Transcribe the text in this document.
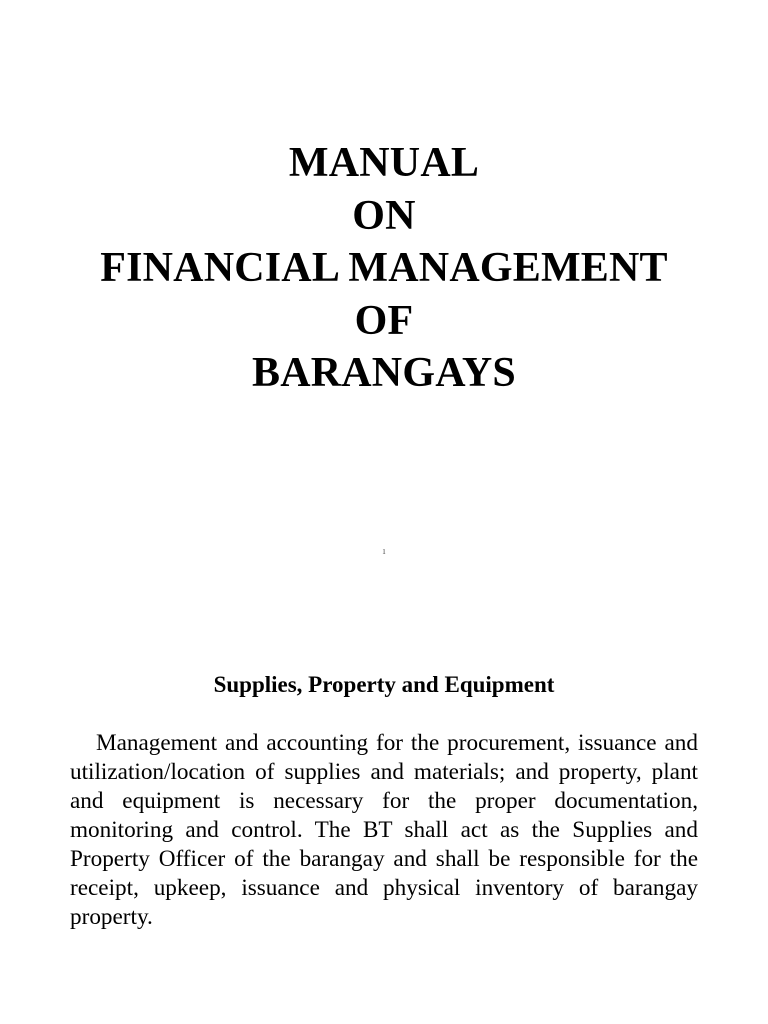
MANUAL
ON
FINANCIAL MANAGEMENT
OF
BARANGAYS
1
Supplies, Property and Equipment

Management and accounting for the procurement, issuance and utilization/location of supplies and materials; and property, plant and equipment is necessary for the proper documentation, monitoring and control. The BT shall act as the Supplies and Property Officer of the barangay and shall be responsible for the receipt, upkeep, issuance and physical inventory of barangay property.
